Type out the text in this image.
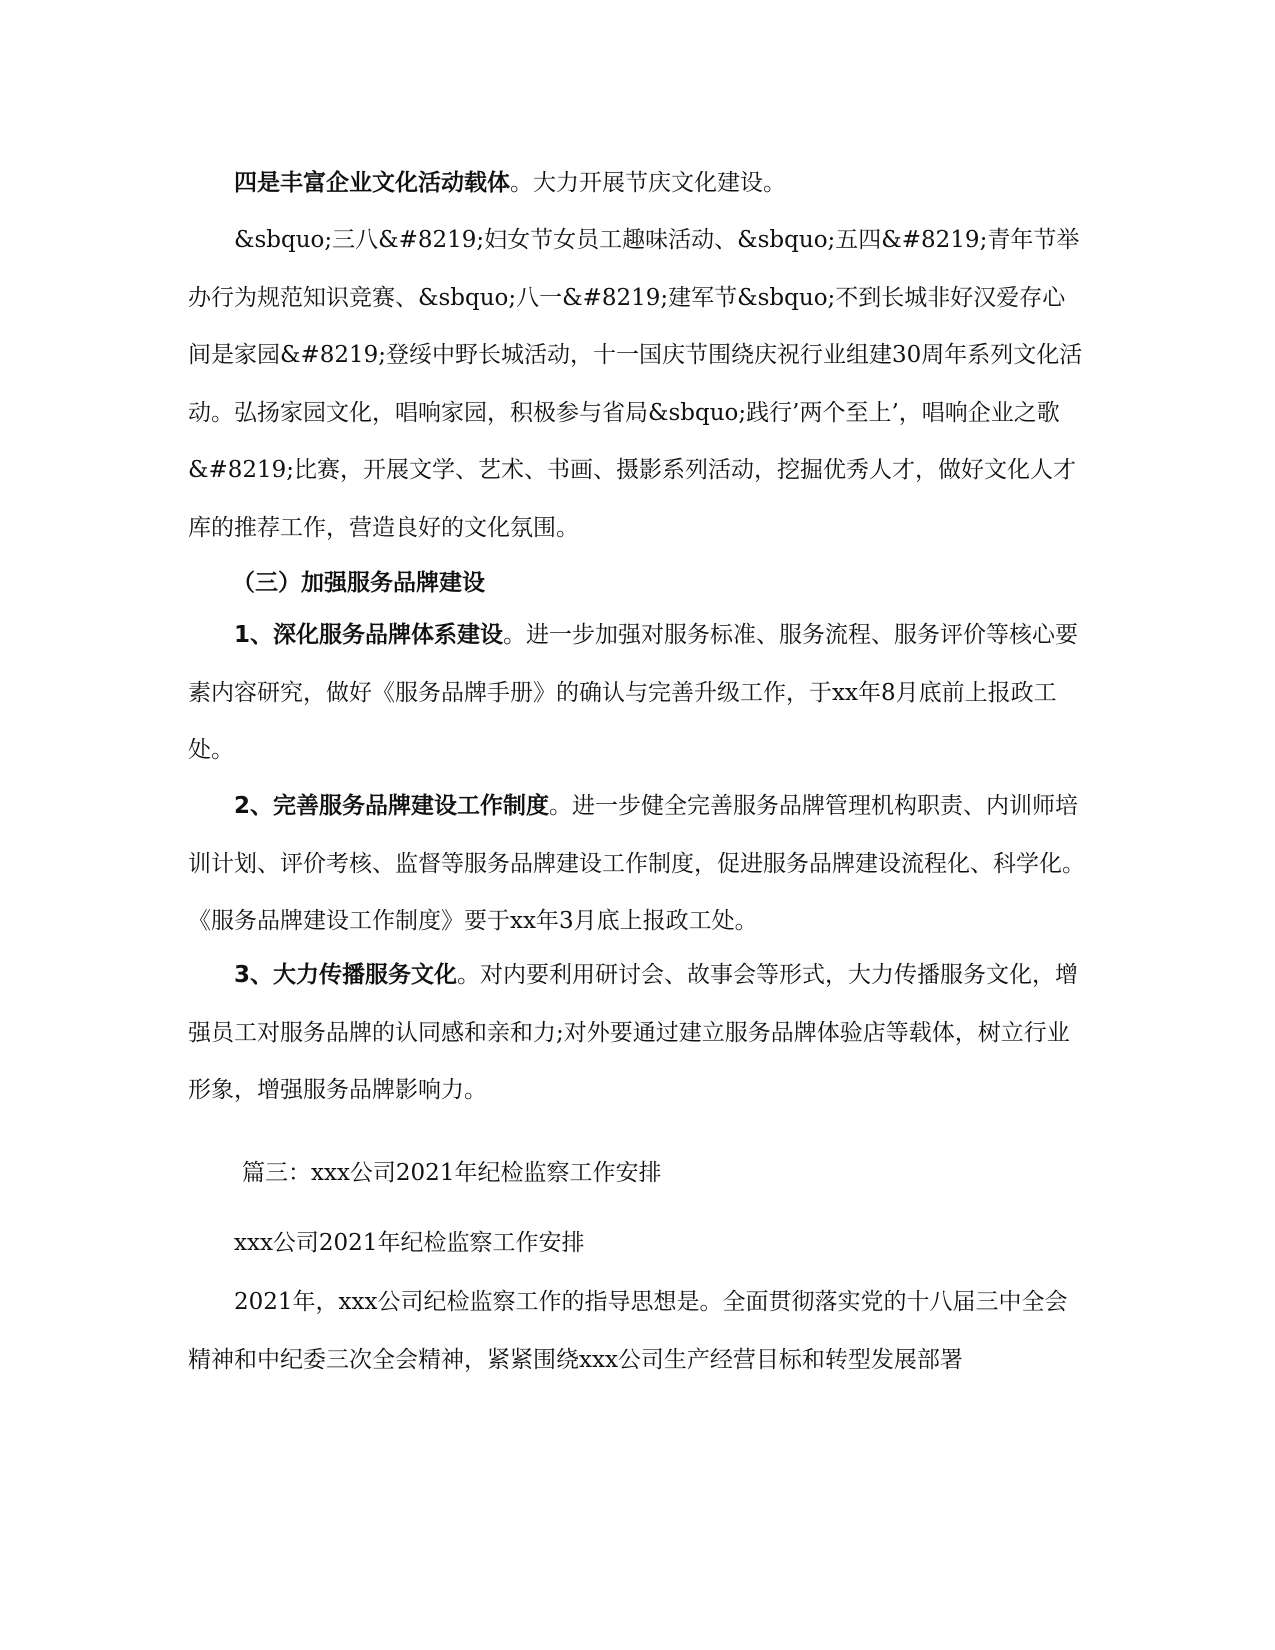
四是丰富企业文化活动载体。大力开展节庆文化建设。

&sbquo;三八&#8219;妇女节女员工趣味活动、&sbquo;五四&#8219;青年节举办行为规范知识竞赛、&sbquo;八一&#8219;建军节&sbquo;不到长城非好汉爱存心间是家园&#8219;登绥中野长城活动，十一国庆节围绕庆祝行业组建30周年系列文化活动。弘扬家园文化，唱响家园，积极参与省局&sbquo;践行’两个至上’，唱响企业之歌&#8219;比赛，开展文学、艺术、书画、摄影系列活动，挖掘优秀人才，做好文化人才库的推荐工作，营造良好的文化氛围。

（三）加强服务品牌建设

1、深化服务品牌体系建设。进一步加强对服务标准、服务流程、服务评价等核心要素内容研究，做好《服务品牌手册》的确认与完善升级工作，于xx年8月底前上报政工处。

2、完善服务品牌建设工作制度。进一步健全完善服务品牌管理机构职责、内训师培训计划、评价考核、监督等服务品牌建设工作制度，促进服务品牌建设流程化、科学化。《服务品牌建设工作制度》要于xx年3月底上报政工处。

3、大力传播服务文化。对内要利用研讨会、故事会等形式，大力传播服务文化，增强员工对服务品牌的认同感和亲和力;对外要通过建立服务品牌体验店等载体，树立行业形象，增强服务品牌影响力。

篇三：xxx公司2021年纪检监察工作安排

xxx公司2021年纪检监察工作安排

2021年，xxx公司纪检监察工作的指导思想是。全面贯彻落实党的十八届三中全会精神和中纪委三次全会精神，紧紧围绕xxx公司生产经营目标和转型发展部署
